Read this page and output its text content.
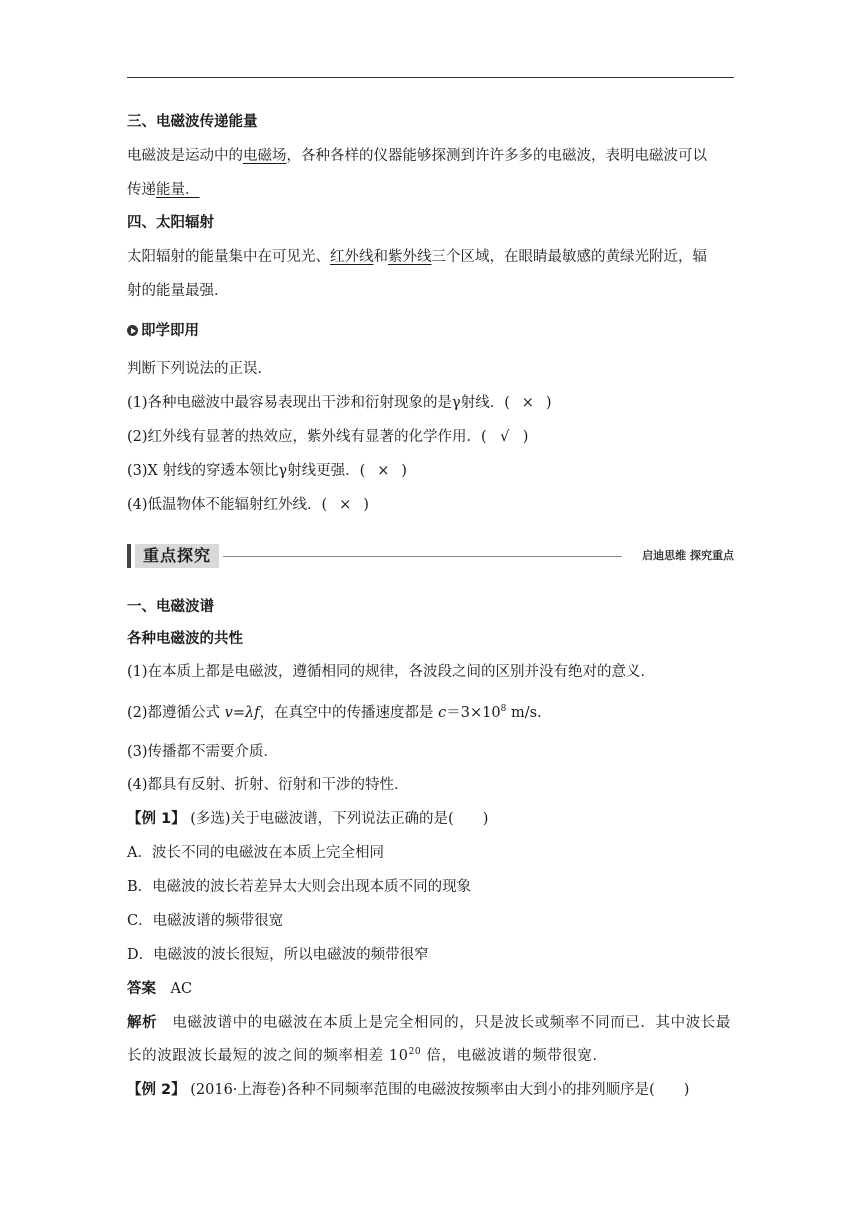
三、电磁波传递能量
电磁波是运动中的电磁场，各种各样的仪器能够探测到许许多多的电磁波，表明电磁波可以
传递能量．
四、太阳辐射
太阳辐射的能量集中在可见光、红外线和紫外线三个区域，在眼睛最敏感的黄绿光附近，辐
射的能量最强．
即学即用
判断下列说法的正误．
(1)各种电磁波中最容易表现出干涉和衍射现象的是γ射线．( × )
(2)红外线有显著的热效应，紫外线有显著的化学作用．( √ )
(3)X 射线的穿透本领比γ射线更强．( × )
(4)低温物体不能辐射红外线．( × )
重点探究	启迪思维 探究重点
一、电磁波谱
各种电磁波的共性
(1)在本质上都是电磁波，遵循相同的规律，各波段之间的区别并没有绝对的意义．
(2)都遵循公式 v=λf，在真空中的传播速度都是 $c=3\times 10^8$ m/s.
(3)传播都不需要介质．
(4)都具有反射、折射、衍射和干涉的特性．
【例 1】 (多选)关于电磁波谱，下列说法正确的是(　　)
A．波长不同的电磁波在本质上完全相同
B．电磁波的波长若差异太大则会出现本质不同的现象
C．电磁波谱的频带很宽
D．电磁波的波长很短，所以电磁波的频带很窄
答案　 AC
解析　 电磁波谱中的电磁波在本质上是完全相同的，只是波长或频率不同而已．其中波长最
长的波跟波长最短的波之间的频率相差 $10^{20}$ 倍，电磁波谱的频带很宽．
【例 2】 (2016·上海卷)各种不同频率范围的电磁波按频率由大到小的排列顺序是(　　)
